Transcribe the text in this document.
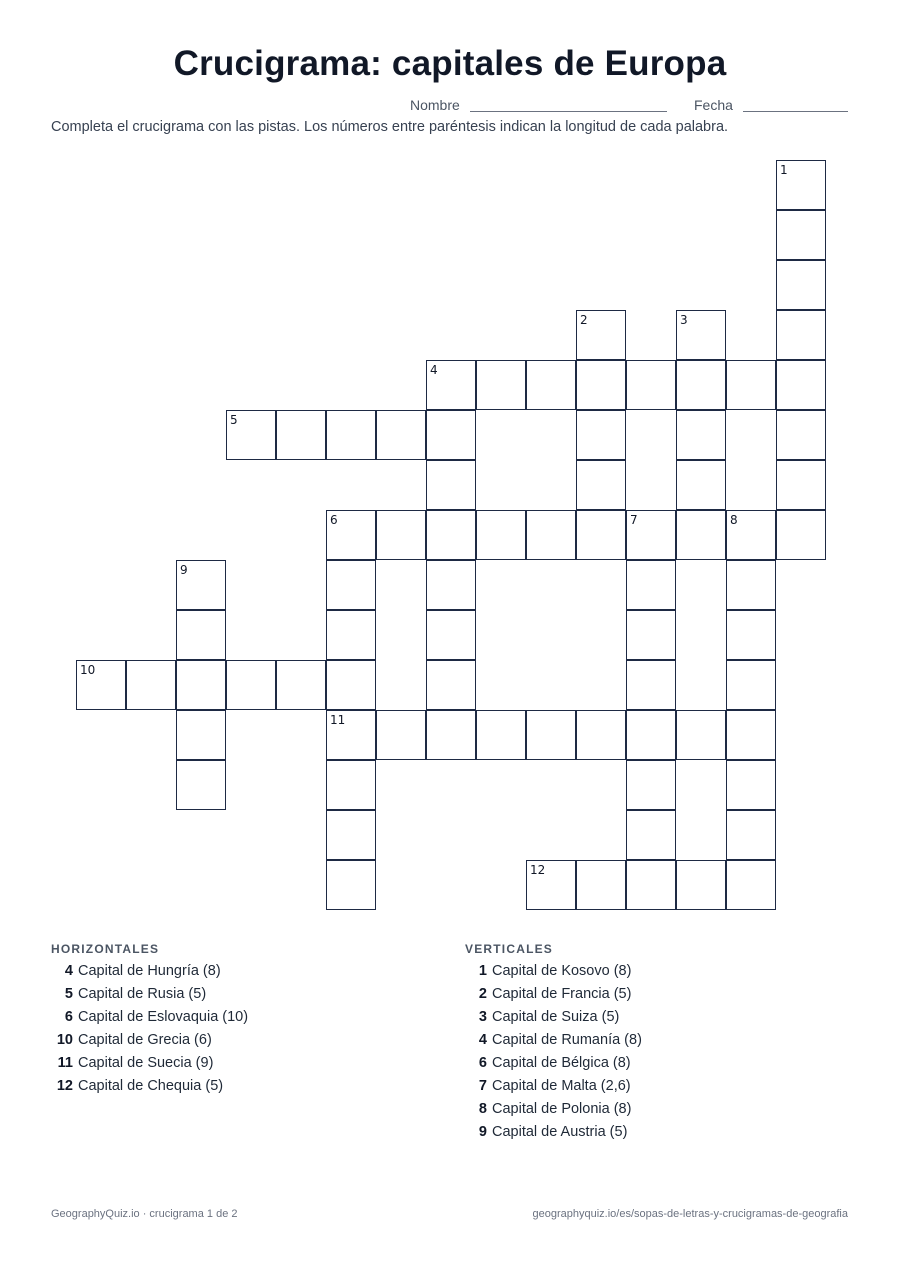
Crucigrama: capitales de Europa
Nombre	Fecha
Completa el crucigrama con las pistas. Los números entre paréntesis indican la longitud de cada palabra.
1
2	3
4
5
6	7	8
11
9
10
12
HORIZONTALES
4 Capital de Hungría (8)
5 Capital de Rusia (5)
6 Capital de Eslovaquia (10)
10 Capital de Grecia (6)
11 Capital de Suecia (9)
12 Capital de Chequia (5)
VERTICALES
1 Capital de Kosovo (8)
2 Capital de Francia (5)
3 Capital de Suiza (5)
4 Capital de Rumanía (8)
6 Capital de Bélgica (8)
7 Capital de Malta (2,6)
8 Capital de Polonia (8)
9 Capital de Austria (5)
GeographyQuiz.io · crucigrama 1 de 2	geographyquiz.io/es/sopas-de-letras-y-crucigramas-de-geografia
